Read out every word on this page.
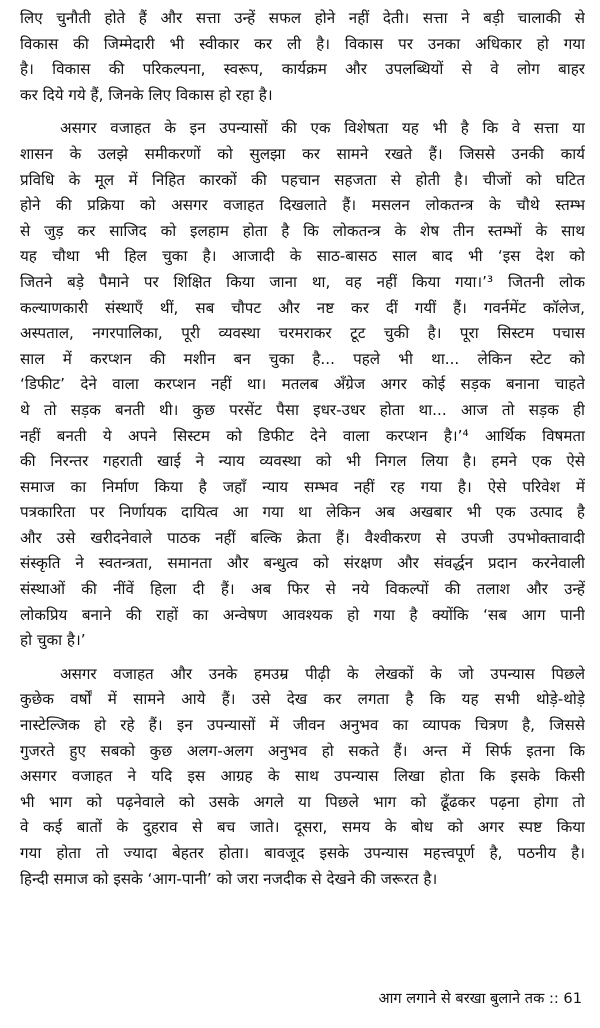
लिए चुनौती होते हैं और सत्ता उन्हें सफल होने नहीं देती। सत्ता ने बड़ी चालाकी से
विकास की जिम्मेदारी भी स्वीकार कर ली है। विकास पर उनका अधिकार हो गया
है। विकास की परिकल्पना, स्वरूप, कार्यक्रम और उपलब्धियों से वे लोग बाहर
कर दिये गये हैं, जिनके लिए विकास हो रहा है।
असगर वजाहत के इन उपन्यासों की एक विशेषता यह भी है कि वे सत्ता या
शासन के उलझे समीकरणों को सुलझा कर सामने रखते हैं। जिससे उनकी कार्य
प्रविधि के मूल में निहित कारकों की पहचान सहजता से होती है। चीजों को घटित
होने की प्रक्रिया को असगर वजाहत दिखलाते हैं। मसलन लोकतन्त्र के चौथे स्तम्भ
से जुड़ कर साजिद को इलहाम होता है कि लोकतन्त्र के शेष तीन स्तम्भों के साथ
यह चौथा भी हिल चुका है। आजादी के साठ-बासठ साल बाद भी ‘इस देश को
जितने बड़े पैमाने पर शिक्षित किया जाना था, वह नहीं किया गया।’³ जितनी लोक
कल्याणकारी संस्थाएँ थीं, सब चौपट और नष्ट कर दीं गयीं हैं। गवर्नमेंट कॉलेज,
अस्पताल, नगरपालिका, पूरी व्यवस्था चरमराकर टूट चुकी है। पूरा सिस्टम पचास
साल में करप्शन की मशीन बन चुका है... पहले भी था... लेकिन स्टेट को
‘डिफीट’ देने वाला करप्शन नहीं था। मतलब अँग्रेज अगर कोई सड़क बनाना चाहते
थे तो सड़क बनती थी। कुछ परसेंट पैसा इधर-उधर होता था... आज तो सड़क ही
नहीं बनती ये अपने सिस्टम को डिफीट देने वाला करप्शन है।’⁴ आर्थिक विषमता
की निरन्तर गहराती खाई ने न्याय व्यवस्था को भी निगल लिया है। हमने एक ऐसे
समाज का निर्माण किया है जहाँ न्याय सम्भव नहीं रह गया है। ऐसे परिवेश में
पत्रकारिता पर निर्णायक दायित्व आ गया था लेकिन अब अखबार भी एक उत्पाद है
और उसे खरीदनेवाले पाठक नहीं बल्कि क्रेता हैं। वैश्वीकरण से उपजी उपभोक्तावादी
संस्कृति ने स्वतन्त्रता, समानता और बन्धुत्व को संरक्षण और संवर्द्धन प्रदान करनेवाली
संस्थाओं की नींवें हिला दी हैं। अब फिर से नये विकल्पों की तलाश और उन्हें
लोकप्रिय बनाने की राहों का अन्वेषण आवश्यक हो गया है क्योंकि ‘सब आग पानी
हो चुका है।’
असगर वजाहत और उनके हमउम्र पीढ़ी के लेखकों के जो उपन्यास पिछले
कुछेक वर्षों में सामने आये हैं। उसे देख कर लगता है कि यह सभी थोड़े-थोड़े
नास्टेल्जिक हो रहे हैं। इन उपन्यासों में जीवन अनुभव का व्यापक चित्रण है, जिससे
गुजरते हुए सबको कुछ अलग-अलग अनुभव हो सकते हैं। अन्त में सिर्फ इतना कि
असगर वजाहत ने यदि इस आग्रह के साथ उपन्यास लिखा होता कि इसके किसी
भी भाग को पढ़नेवाले को उसके अगले या पिछले भाग को ढूँढकर पढ़ना होगा तो
वे कई बातों के दुहराव से बच जाते। दूसरा, समय के बोध को अगर स्पष्ट किया
गया होता तो ज्यादा बेहतर होता। बावजूद इसके उपन्यास महत्त्वपूर्ण है, पठनीय है।
हिन्दी समाज को इसके ‘आग-पानी’ को जरा नजदीक से देखने की जरूरत है।
आग लगाने से बरखा बुलाने तक :: 61
